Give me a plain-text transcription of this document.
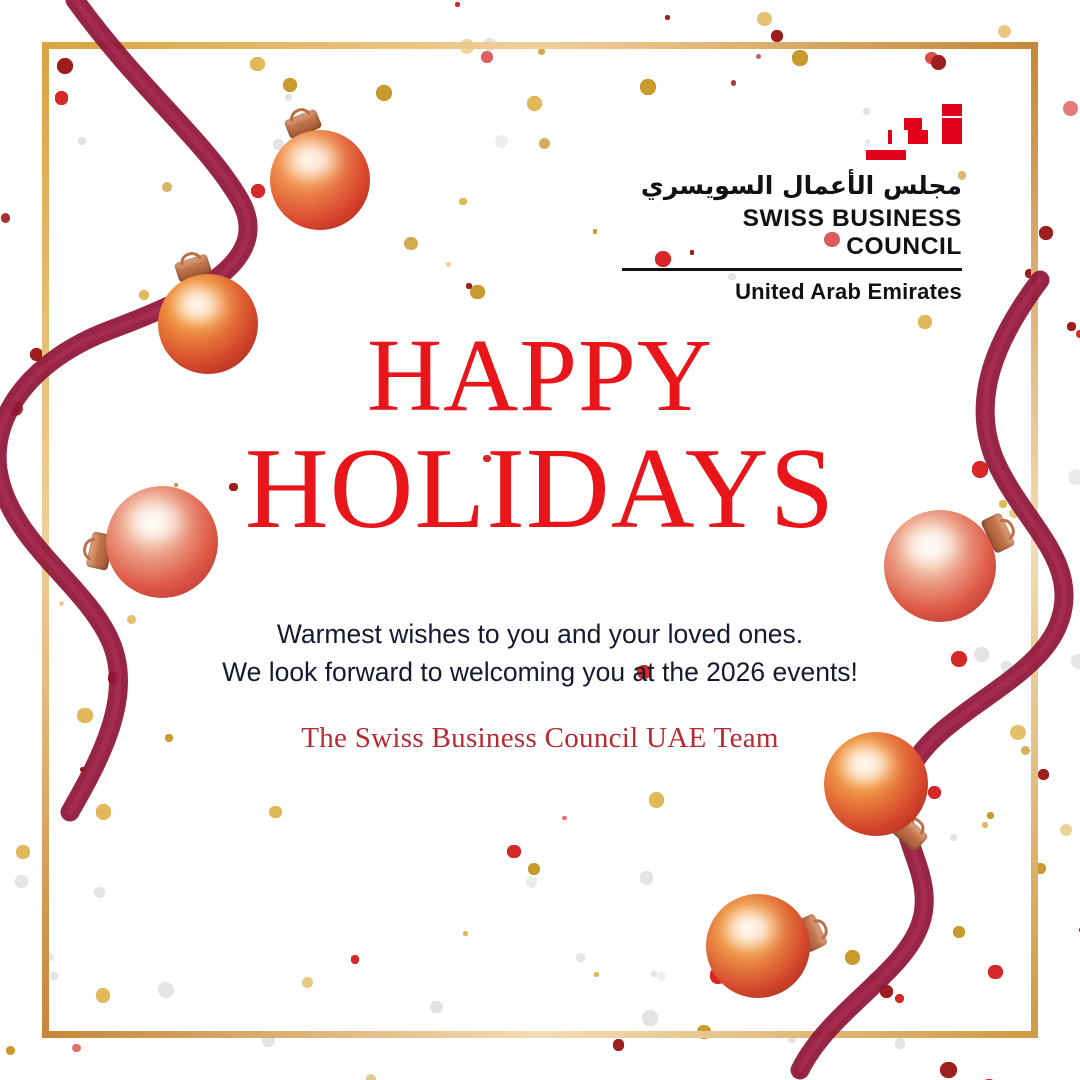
مجلس الأعمال السويسري
SWISS BUSINESS COUNCIL
United Arab Emirates
HAPPY
HOLIDAYS
Warmest wishes to you and your loved ones.
We look forward to welcoming you at the 2026 events!
The Swiss Business Council UAE Team
